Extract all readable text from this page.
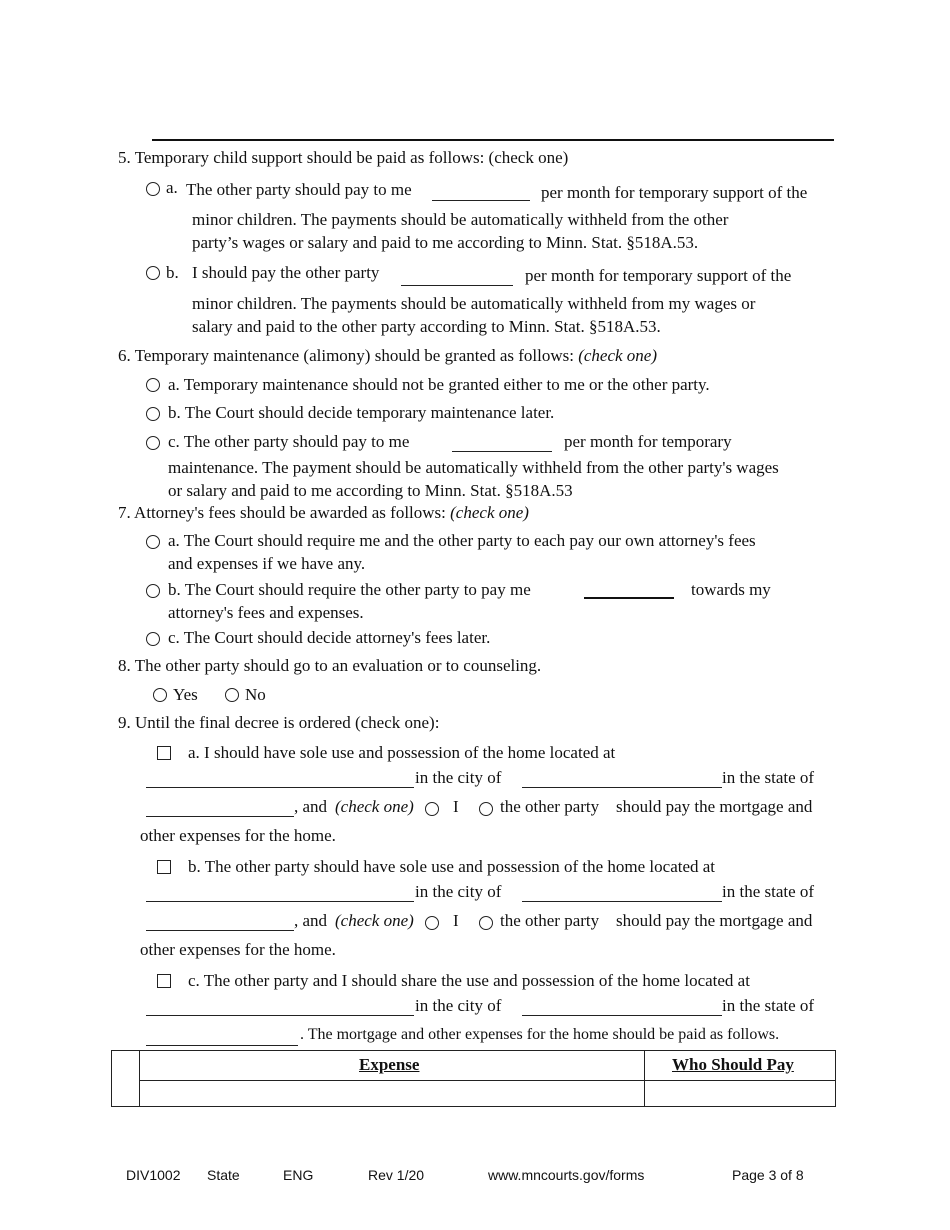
5. Temporary child support should be paid as follows: (check one)
a. The other party should pay to me	per month for temporary support of the
minor children. The payments should be automatically withheld from the other
party’s wages or salary and paid to me according to Minn. Stat. §518A.53.
b. I should pay the other party	per month for temporary support of the
minor children. The payments should be automatically withheld from my wages or
salary and paid to the other party according to Minn. Stat. §518A.53.
6. Temporary maintenance (alimony) should be granted as follows: (check one)
a. Temporary maintenance should not be granted either to me or the other party.
b. The Court should decide temporary maintenance later.
c. The other party should pay to me	per month for temporary
maintenance. The payment should be automatically withheld from the other party's wages
or salary and paid to me according to Minn. Stat. §518A.53
7. Attorney's fees should be awarded as follows: (check one)
a. The Court should require me and the other party to each pay our own attorney's fees
and expenses if we have any.
b. The Court should require the other party to pay me	towards my
attorney's fees and expenses.
c. The Court should decide attorney's fees later.
8. The other party should go to an evaluation or to counseling.
Yes	No
9. Until the final decree is ordered (check one):
a. I should have sole use and possession of the home located at
in the city of	in the state of
, and (check one) I the other party should pay the mortgage and
other expenses for the home.
b. The other party should have sole use and possession of the home located at
in the city of	in the state of
, and (check one) I the other party should pay the mortgage and
other expenses for the home.
c. The other party and I should share the use and possession of the home located at
in the city of	in the state of
. The mortgage and other expenses for the home should be paid as follows.
Expense	Who Should Pay
DIV1002 State	ENG	Rev 1/20	www.mncourts.gov/forms	Page 3 of 8
